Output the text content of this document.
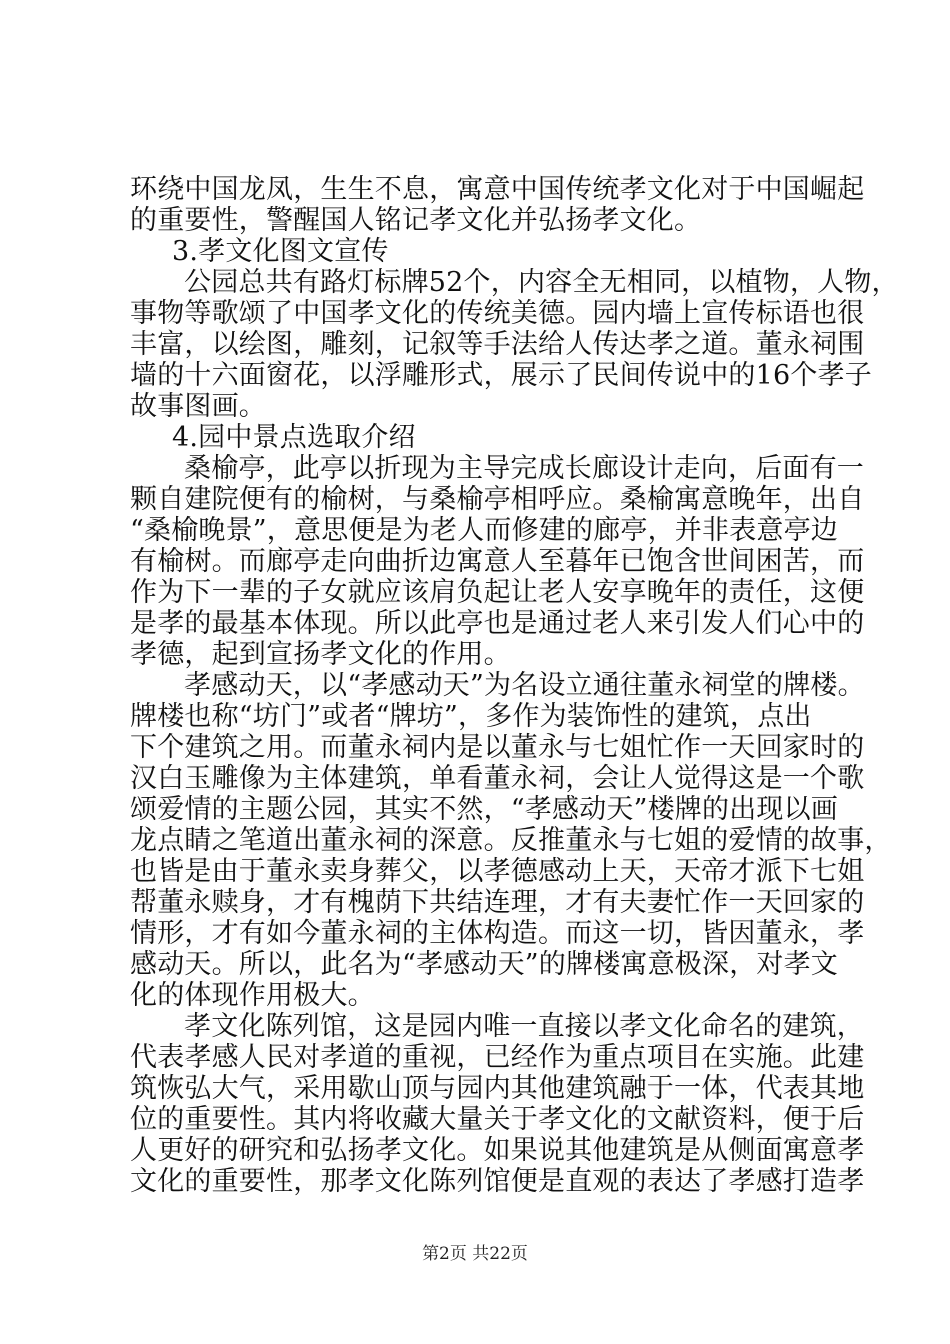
环绕中国龙凤，生生不息，寓意中国传统孝文化对于中国崛起
的重要性，警醒国人铭记孝文化并弘扬孝文化。
3.孝文化图文宣传
公园总共有路灯标牌52个，内容全无相同，以植物，人物，
事物等歌颂了中国孝文化的传统美德。园内墙上宣传标语也很
丰富，以绘图，雕刻，记叙等手法给人传达孝之道。董永祠围
墙的十六面窗花，以浮雕形式，展示了民间传说中的16个孝子
故事图画。
4.园中景点选取介绍
桑榆亭，此亭以折现为主导完成长廊设计走向，后面有一
颗自建院便有的榆树，与桑榆亭相呼应。桑榆寓意晚年，出自
“桑榆晚景”，意思便是为老人而修建的廊亭，并非表意亭边
有榆树。而廊亭走向曲折边寓意人至暮年已饱含世间困苦，而
作为下一辈的子女就应该肩负起让老人安享晚年的责任，这便
是孝的最基本体现。所以此亭也是通过老人来引发人们心中的
孝德，起到宣扬孝文化的作用。
孝感动天，以“孝感动天”为名设立通往董永祠堂的牌楼。
牌楼也称“坊门”或者“牌坊”，多作为装饰性的建筑，点出
下个建筑之用。而董永祠内是以董永与七姐忙作一天回家时的
汉白玉雕像为主体建筑，单看董永祠，会让人觉得这是一个歌
颂爱情的主题公园，其实不然，“孝感动天”楼牌的出现以画
龙点睛之笔道出董永祠的深意。反推董永与七姐的爱情的故事，
也皆是由于董永卖身葬父，以孝德感动上天，天帝才派下七姐
帮董永赎身，才有槐荫下共结连理，才有夫妻忙作一天回家的
情形，才有如今董永祠的主体构造。而这一切，皆因董永，孝
感动天。所以，此名为“孝感动天”的牌楼寓意极深，对孝文
化的体现作用极大。
孝文化陈列馆，这是园内唯一直接以孝文化命名的建筑，
代表孝感人民对孝道的重视，已经作为重点项目在实施。此建
筑恢弘大气，采用歇山顶与园内其他建筑融于一体，代表其地
位的重要性。其内将收藏大量关于孝文化的文献资料，便于后
人更好的研究和弘扬孝文化。如果说其他建筑是从侧面寓意孝
文化的重要性，那孝文化陈列馆便是直观的表达了孝感打造孝
第2页 共22页
